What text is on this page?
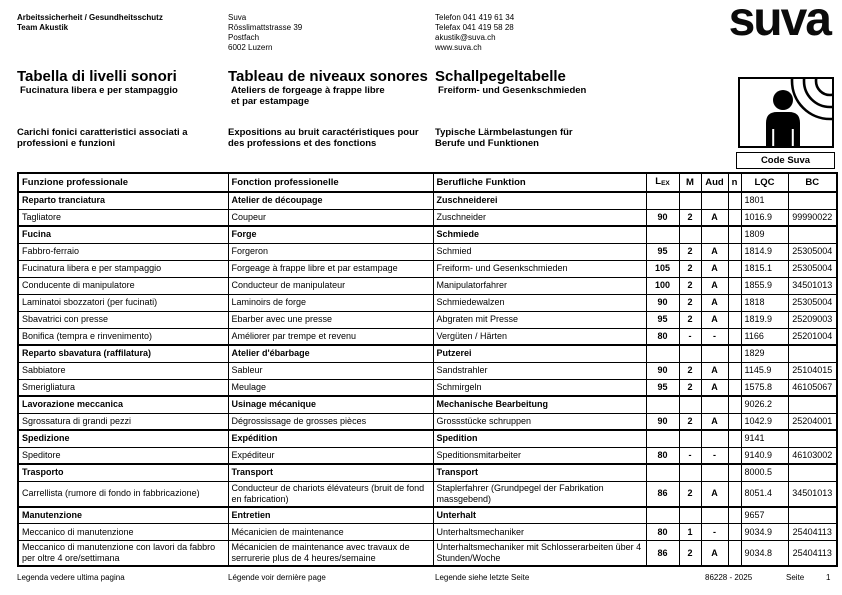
Arbeitssicherheit / Gesundheitsschutz
Team Akustik
Suva
Rösslimattstrasse 39
Postfach
6002 Luzern
Telefon 041 419 61 34
Telefax 041 419 58 28
akustik@suva.ch
www.suva.ch
suva
Tabella di livelli sonori
Fucinatura libera e per stampaggio
Tableau de niveaux sonores
Ateliers de forgeage à frappe libre
et par estampage
Schallpegeltabelle
Freiform- und Gesenkschmieden
Carichi fonici caratteristici associati a
professioni e funzioni
Expositions au bruit caractéristiques pour
des professions et des fonctions
Typische Lärmbelastungen für
Berufe und Funktionen
Code Suva
Funzione professionale	Fonction professionelle	Berufliche Funktion	$L_{EX}$	M	Aud	n	LQC	BC
Reparto tranciatura	Atelier de découpage	Zuschneiderei					1801	
Tagliatore	Coupeur	Zuschneider	90	2	A		1016.9	99990022
Fucina	Forge	Schmiede					1809	
Fabbro-ferraio	Forgeron	Schmied	95	2	A		1814.9	25305004
Fucinatura libera e per stampaggio	Forgeage à frappe libre et par estampage	Freiform- und Gesenkschmieden	105	2	A		1815.1	25305004
Conducente di manipulatore	Conducteur de manipulateur	Manipulatorfahrer	100	2	A		1855.9	34501013
Laminatoi sbozzatori (per fucinati)	Laminoirs de forge	Schmiedewalzen	90	2	A		1818	25305004
Sbavatrici con presse	Ebarber avec une presse	Abgraten mit Presse	95	2	A		1819.9	25209003
Bonifica (tempra e rinvenimento)	Améliorer par trempe et revenu	Vergüten / Härten	80	-	-		1166	25201004
Reparto sbavatura (raffilatura)	Atelier d'ébarbage	Putzerei					1829	
Sabbiatore	Sableur	Sandstrahler	90	2	A		1145.9	25104015
Smerigliatura	Meulage	Schmirgeln	95	2	A		1575.8	46105067
Lavorazione meccanica	Usinage mécanique	Mechanische Bearbeitung					9026.2	
Sgrossatura di grandi pezzi	Dégrossissage de grosses pièces	Grossstücke schruppen	90	2	A		1042.9	25204001
Spedizione	Expédition	Spedition					9141	
Speditore	Expéditeur	Speditionsmitarbeiter	80	-	-		9140.9	46103002
Trasporto	Transport	Transport					8000.5	
Carrellista (rumore di fondo in fabbricazione)	Conducteur de chariots élévateurs (bruit de fond en fabrication)	Staplerfahrer (Grundpegel der Fabrikation massgebend)	86	2	A		8051.4	34501013
Manutenzione	Entretien	Unterhalt					9657	
Meccanico di manutenzione	Mécanicien de maintenance	Unterhaltsmechaniker	80	1	-		9034.9	25404113
Meccanico di manutenzione con lavori da fabbro per oltre 4 ore/settimana	Mécanicien de maintenance avec travaux de serrurerie plus de 4 heures/semaine	Unterhaltsmechaniker mit Schlosserarbeiten über 4 Stunden/Woche	86	2	A		9034.8	25404113
Legenda vedere ultima pagina	Légende voir dernière page	Legende siehe letzte Seite	86228 - 2025	Seite	1
